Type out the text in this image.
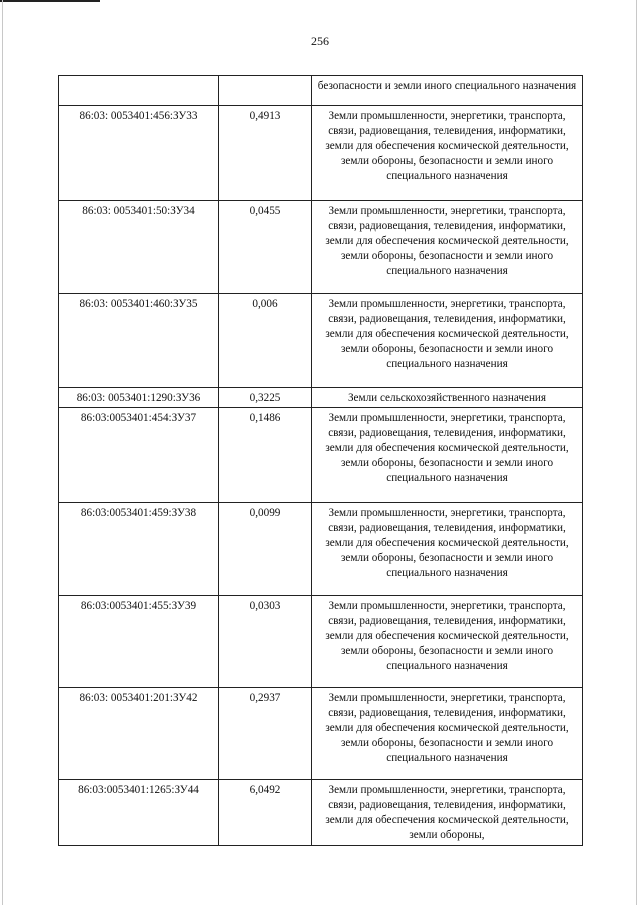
256
		безопасности и земли иного специального назначения
86:03: 0053401:456:ЗУ33	0,4913	Земли промышленности, энергетики, транспорта, связи, радиовещания, телевидения, информатики, земли для обеспечения космической деятельности, земли обороны, безопасности и земли иного специального назначения
86:03: 0053401:50:ЗУ34	0,0455	Земли промышленности, энергетики, транспорта, связи, радиовещания, телевидения, информатики, земли для обеспечения космической деятельности, земли обороны, безопасности и земли иного специального назначения
86:03: 0053401:460:ЗУ35	0,006	Земли промышленности, энергетики, транспорта, связи, радиовещания, телевидения, информатики, земли для обеспечения космической деятельности, земли обороны, безопасности и земли иного специального назначения
86:03: 0053401:1290:ЗУ36	0,3225	Земли сельскохозяйственного назначения
86:03:0053401:454:ЗУ37	0,1486	Земли промышленности, энергетики, транспорта, связи, радиовещания, телевидения, информатики, земли для обеспечения космической деятельности, земли обороны, безопасности и земли иного специального назначения
86:03:0053401:459:ЗУ38	0,0099	Земли промышленности, энергетики, транспорта, связи, радиовещания, телевидения, информатики, земли для обеспечения космической деятельности, земли обороны, безопасности и земли иного специального назначения
86:03:0053401:455:ЗУ39	0,0303	Земли промышленности, энергетики, транспорта, связи, радиовещания, телевидения, информатики, земли для обеспечения космической деятельности, земли обороны, безопасности и земли иного специального назначения
86:03: 0053401:201:ЗУ42	0,2937	Земли промышленности, энергетики, транспорта, связи, радиовещания, телевидения, информатики, земли для обеспечения космической деятельности, земли обороны, безопасности и земли иного специального назначения
86:03:0053401:1265:ЗУ44	6,0492	Земли промышленности, энергетики, транспорта, связи, радиовещания, телевидения, информатики, земли для обеспечения космической деятельности, земли обороны,
